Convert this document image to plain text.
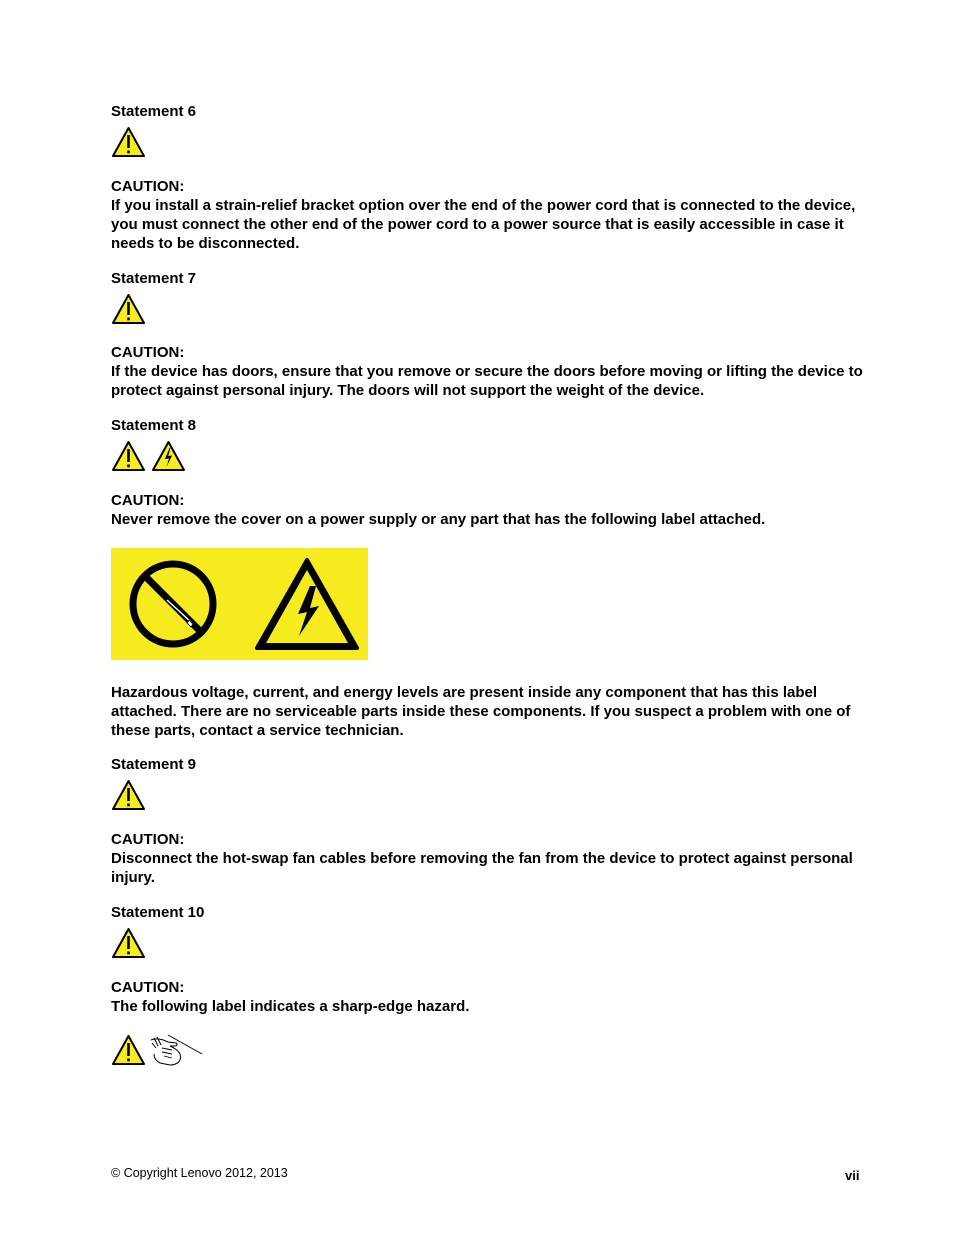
Statement 6
CAUTION:
If you install a strain-relief bracket option over the end of the power cord that is connected to the device, you must connect the other end of the power cord to a power source that is easily accessible in case it needs to be disconnected.
Statement 7
CAUTION:
If the device has doors, ensure that you remove or secure the doors before moving or lifting the device to protect against personal injury. The doors will not support the weight of the device.
Statement 8
CAUTION:
Never remove the cover on a power supply or any part that has the following label attached.
Hazardous voltage, current, and energy levels are present inside any component that has this label attached. There are no serviceable parts inside these components. If you suspect a problem with one of these parts, contact a service technician.
Statement 9
CAUTION:
Disconnect the hot-swap fan cables before removing the fan from the device to protect against personal injury.
Statement 10
CAUTION:
The following label indicates a sharp-edge hazard.
© Copyright Lenovo 2012, 2013	vii
